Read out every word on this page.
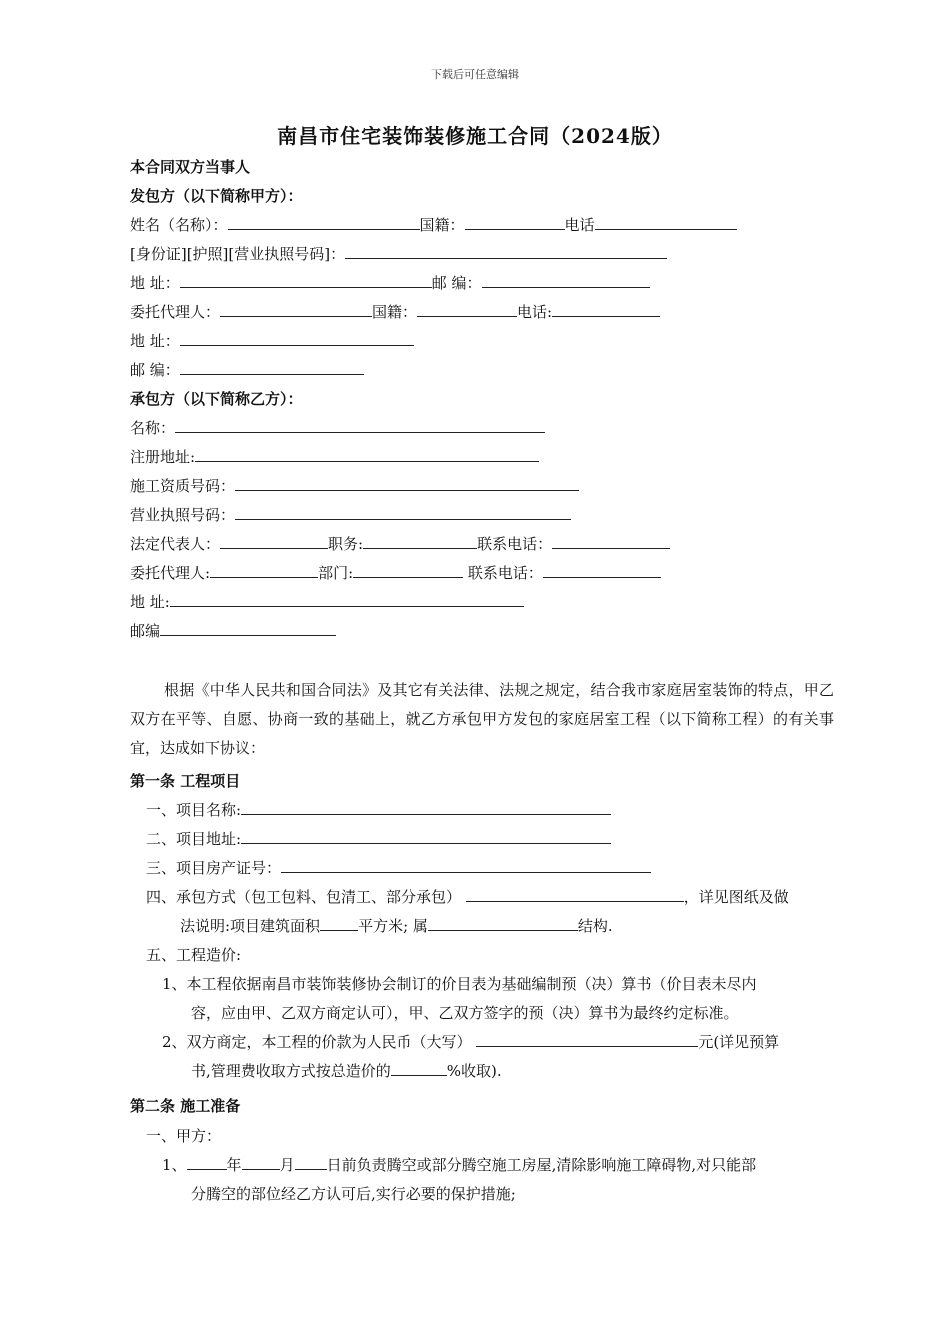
下载后可任意编辑
南昌市住宅装饰装修施工合同（2024版）
本合同双方当事人
发包方（以下简称甲方）：
姓名（名称）：	国籍：	电话
[身份证][护照][营业执照号码]：
地 址：	邮 编：
委托代理人：	国籍：	电话:
地 址：
邮 编：
承包方（以下简称乙方）：
名称：
注册地址:
施工资质号码：
营业执照号码：
法定代表人：	职务:	联系电话：
委托代理人:	部门:	联系电话：
地 址:
邮编
根据《中华人民共和国合同法》及其它有关法律、法规之规定，结合我市家庭居室装饰的特点，甲乙双方在平等、自愿、协商一致的基础上，就乙方承包甲方发包的家庭居室工程（以下简称工程）的有关事宜，达成如下协议：
第一条 工程项目
一、项目名称:
二、项目地址:
三、项目房产证号：
四、承包方式（包工包料、包清工、部分承包）	，详见图纸及做
法说明:项目建筑面积	平方米; 属	结构.
五、工程造价:
1、本工程依据南昌市装饰装修协会制订的价目表为基础编制预（决）算书（价目表未尽内
容，应由甲、乙双方商定认可），甲、乙双方签字的预（决）算书为最终约定标准。
2、双方商定，本工程的价款为人民币（大写）	元(详见预算
书,管理费收取方式按总造价的	%收取).
第二条 施工准备
一、甲方：
1、	年	月 日前负责腾空或部分腾空施工房屋,清除影响施工障碍物,对只能部
分腾空的部位经乙方认可后,实行必要的保护措施;
